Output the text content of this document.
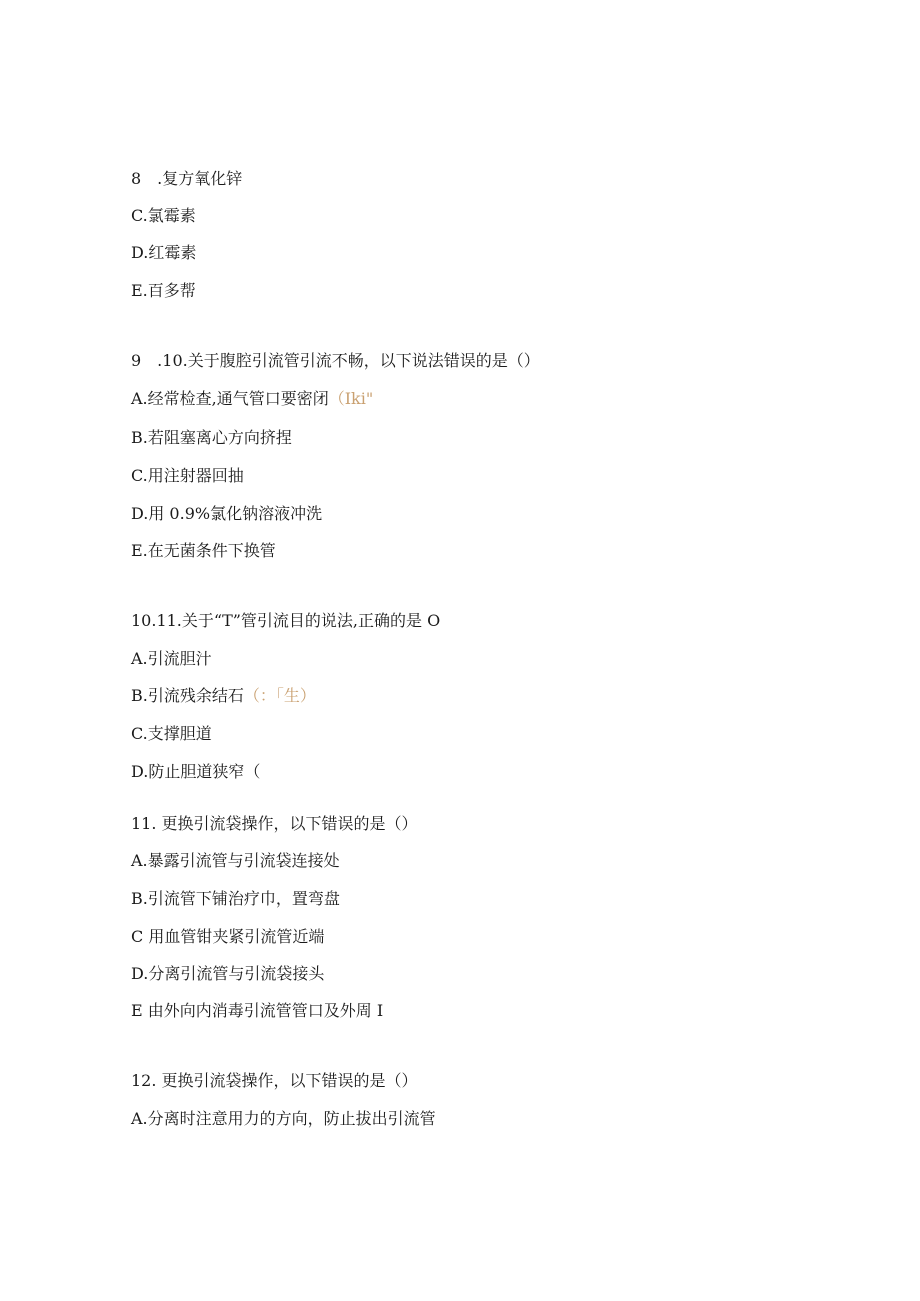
8　.复方氧化锌
C.氯霉素
D.红霉素
E.百多帮
9　.10.关于腹腔引流管引流不畅，以下说法错误的是（）
A.经常检查,通气管口要密闭（Iki"
B.若阻塞离心方向挤捏
C.用注射器回抽
D.用 0.9%氯化钠溶液冲洗
E.在无菌条件下换管
10.11.关于“T”管引流目的说法,正确的是 O
A.引流胆汁
B.引流残余结石（：「生）
C.支撑胆道
D.防止胆道狭窄（
11. 更换引流袋操作，以下错误的是（）
A.暴露引流管与引流袋连接处
B.引流管下铺治疗巾，置弯盘
C 用血管钳夹紧引流管近端
D.分离引流管与引流袋接头
E 由外向内消毒引流管管口及外周 I
12. 更换引流袋操作，以下错误的是（）
A.分离时注意用力的方向，防止拔出引流管
